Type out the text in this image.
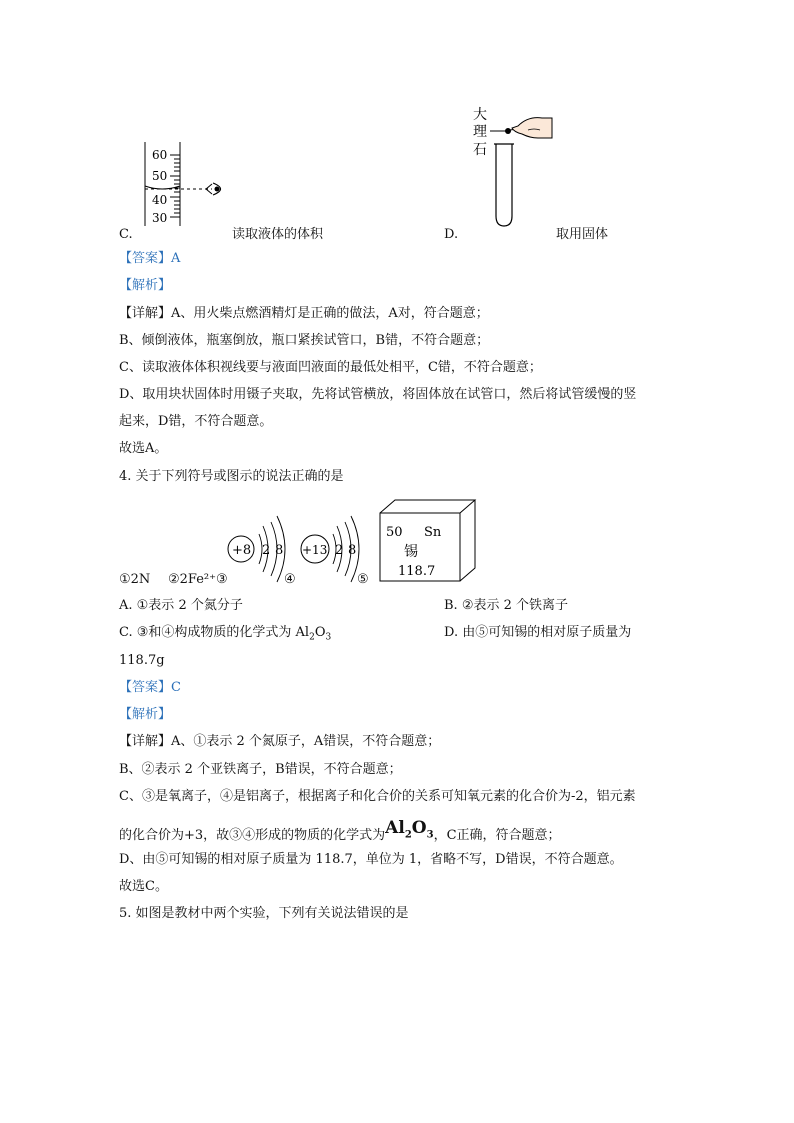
60
50
40
30
大
理
石
C.	读取液体的体积	D.	取用固体
【答案】A
【解析】
【详解】A、用火柴点燃酒精灯是正确的做法，A对，符合题意；
B、倾倒液体，瓶塞倒放，瓶口紧挨试管口，B错，不符合题意；
C、读取液体体积视线要与液面凹液面的最低处相平，C错，不符合题意；
D、取用块状固体时用镊子夹取，先将试管横放，将固体放在试管口，然后将试管缓慢的竖
起来，D错，不符合题意。
故选A。
4. 关于下列符号或图示的说法正确的是
+8 2 8 +13 2 8
50 Sn
锡
118.7
①2N ②2Fe²⁺③	④	⑤
A. ①表示 2 个氮分子	B. ②表示 2 个铁离子
C. ③和④构成物质的化学式为 $Al_2O_3$	D. 由⑤可知锡的相对原子质量为
118.7g
【答案】C
【解析】
【详解】A、①表示 2 个氮原子，A错误，不符合题意；
B、②表示 2 个亚铁离子，B错误，不符合题意；
C、③是氧离子，④是铝离子，根据离子和化合价的关系可知氧元素的化合价为-2，铝元素
的化合价为+3，故③④形成的物质的化学式为$Al_2O_3$，C正确，符合题意；
D、由⑤可知锡的相对原子质量为 118.7，单位为 1，省略不写，D错误，不符合题意。
故选C。
5. 如图是教材中两个实验，下列有关说法错误的是
